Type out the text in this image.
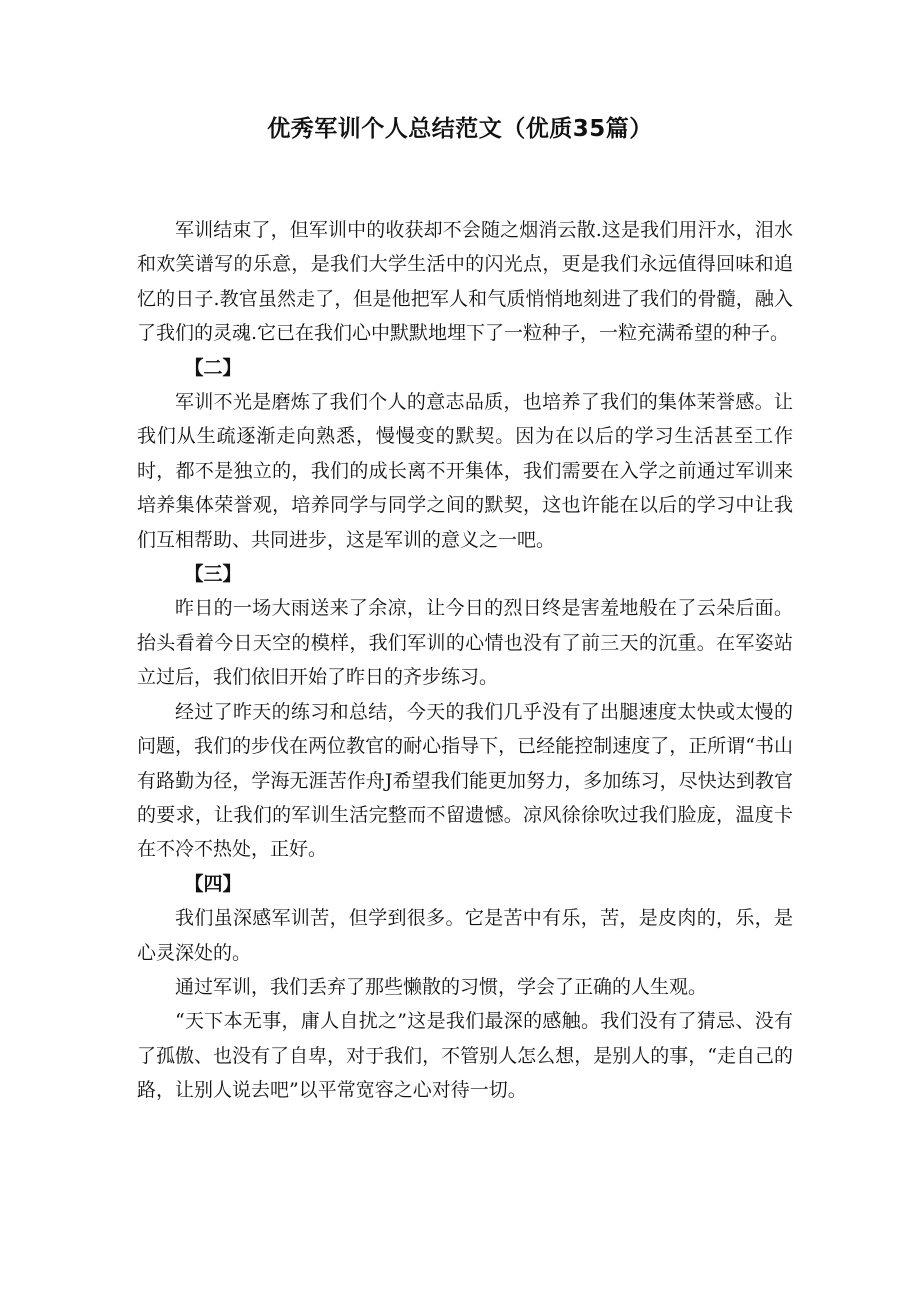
优秀军训个人总结范文（优质35篇）

军训结束了，但军训中的收获却不会随之烟消云散.这是我们用汗水，泪水和欢笑谱写的乐意，是我们大学生活中的闪光点，更是我们永远值得回味和追忆的日子.教官虽然走了，但是他把军人和气质悄悄地刻进了我们的骨髓，融入了我们的灵魂.它已在我们心中默默地埋下了一粒种子，一粒充满希望的种子。

【二】

军训不光是磨炼了我们个人的意志品质，也培养了我们的集体茉誉感。让我们从生疏逐渐走向熟悉，慢慢变的默契。因为在以后的学习生活甚至工作时，都不是独立的，我们的成长离不开集体，我们需要在入学之前通过军训来培养集体荣誉观，培养同学与同学之间的默契，这也许能在以后的学习中让我们互相帮助、共同进步，这是军训的意义之一吧。

【三】

昨日的一场大雨送来了余凉，让今日的烈日终是害羞地般在了云朵后面。抬头看着今日天空的模样，我们军训的心情也没有了前三天的沉重。在军姿站立过后，我们依旧开始了昨日的齐步练习。

经过了昨天的练习和总结，今天的我们几乎没有了出腿速度太快或太慢的问题，我们的步伐在两位教官的耐心指导下，已经能控制速度了，正所谓“书山有路勤为径，学海无涯苦作舟J希望我们能更加努力，多加练习，尽快达到教官的要求，让我们的军训生活完整而不留遗憾。凉风徐徐吹过我们脸庞，温度卡在不冷不热处，正好。

【四】

我们虽深感军训苦，但学到很多。它是苦中有乐，苦，是皮肉的，乐，是心灵深处的。

通过军训，我们丢弃了那些懒散的习惯，学会了正确的人生观。

“天下本无事，庸人自扰之”这是我们最深的感触。我们没有了猜忌、没有了孤傲、也没有了自卑，对于我们，不管别人怎么想，是别人的事，“走自己的路，让别人说去吧”以平常宽容之心对待一切。
